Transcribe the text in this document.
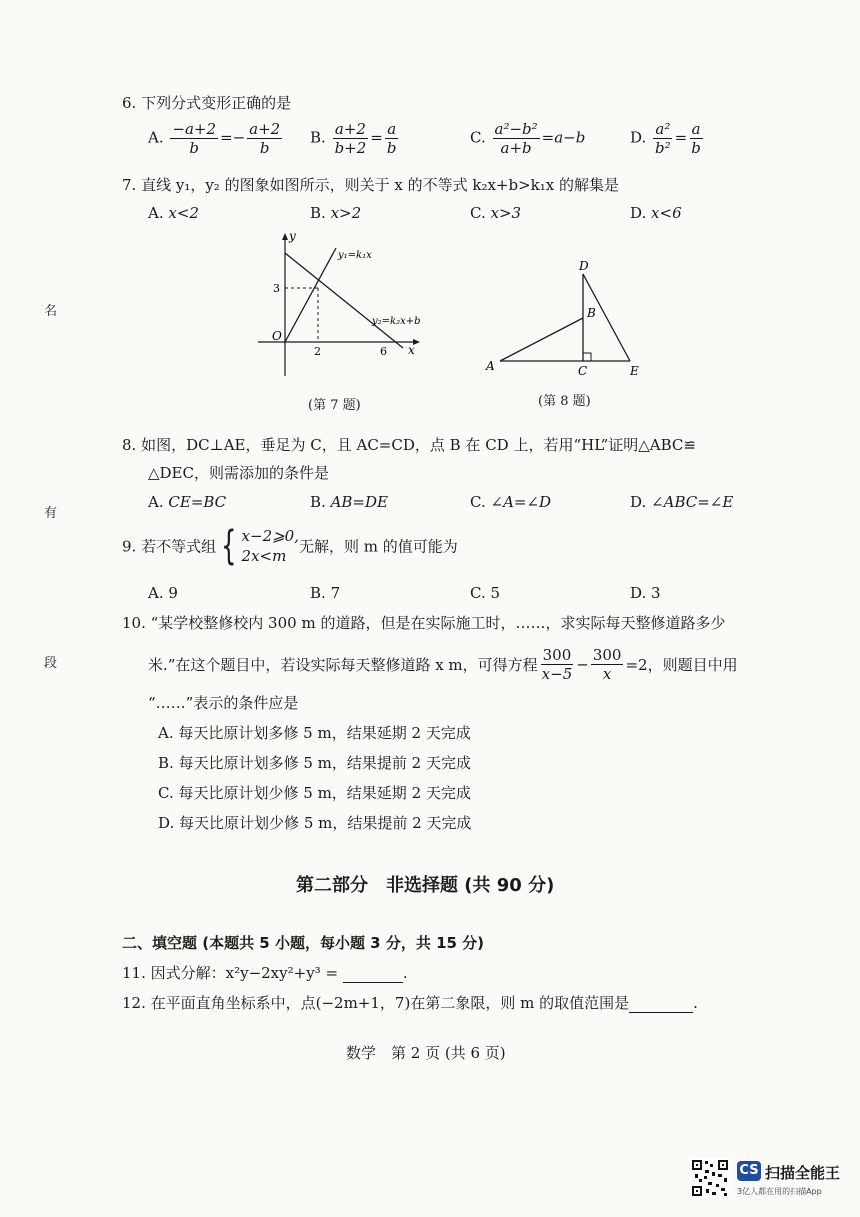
名
有
段
6. 下列分式变形正确的是
A. $\frac{-a+2}{b} =- \frac{a+2}{b} B$. $\frac{a+2}{b+2} = \frac{a}{b}$	C. $\frac{\text{a²−b²}}{a+b} =a-b$	D. $\frac{\text{a²}}{\text{b²}} = \frac{a}{b}$
7. 直线 y₁，y₂ 的图象如图所示，则关于 x 的不等式 k₂x+b>k₁x 的解集是
A. x<2	B. x>2	C. x>3	D. x<6
y
x
O
2	6
3
y₁=k₁x
y₂=k₂x+b
(第 7 题)
D
B
A	C	E
(第 8 题)
8. 如图，DC⊥AE，垂足为 C，且 AC=CD，点 B 在 CD 上，若用“HL”证明△ABC≌
△DEC，则需添加的条件是
A. CE=BC	B. AB=DE	C. ∠A=∠D	D. ∠ABC=∠E
9. 若不等式组 { x−2⩾0,
2x<m
无解，则 m 的值可能为
A. 9	B. 7	C. 5	D. 3
10. “某学校整修校内 300 m 的道路，但是在实际施工时，……，求实际每天整修道路多少
米.”在这个题目中，若设实际每天整修道路 x m，可得方程 $\frac{300}{x-5} - \frac{300}{x} =2$，则题目中用
“……”表示的条件应是
A. 每天比原计划多修 5 m，结果延期 2 天完成
B. 每天比原计划多修 5 m，结果提前 2 天完成
C. 每天比原计划少修 5 m，结果延期 2 天完成
D. 每天比原计划少修 5 m，结果提前 2 天完成
第二部分　非选择题 (共 90 分)
二、填空题 (本题共 5 小题，每小题 3 分，共 15 分)
11. 因式分解：x²y−2xy²+y³ =	.
12. 在平面直角坐标系中，点(−2m+1，7)在第二象限，则 m 的取值范围是	.
数学　第 2 页 (共 6 页)
CS 扫描全能王
3亿人都在用的扫描App
